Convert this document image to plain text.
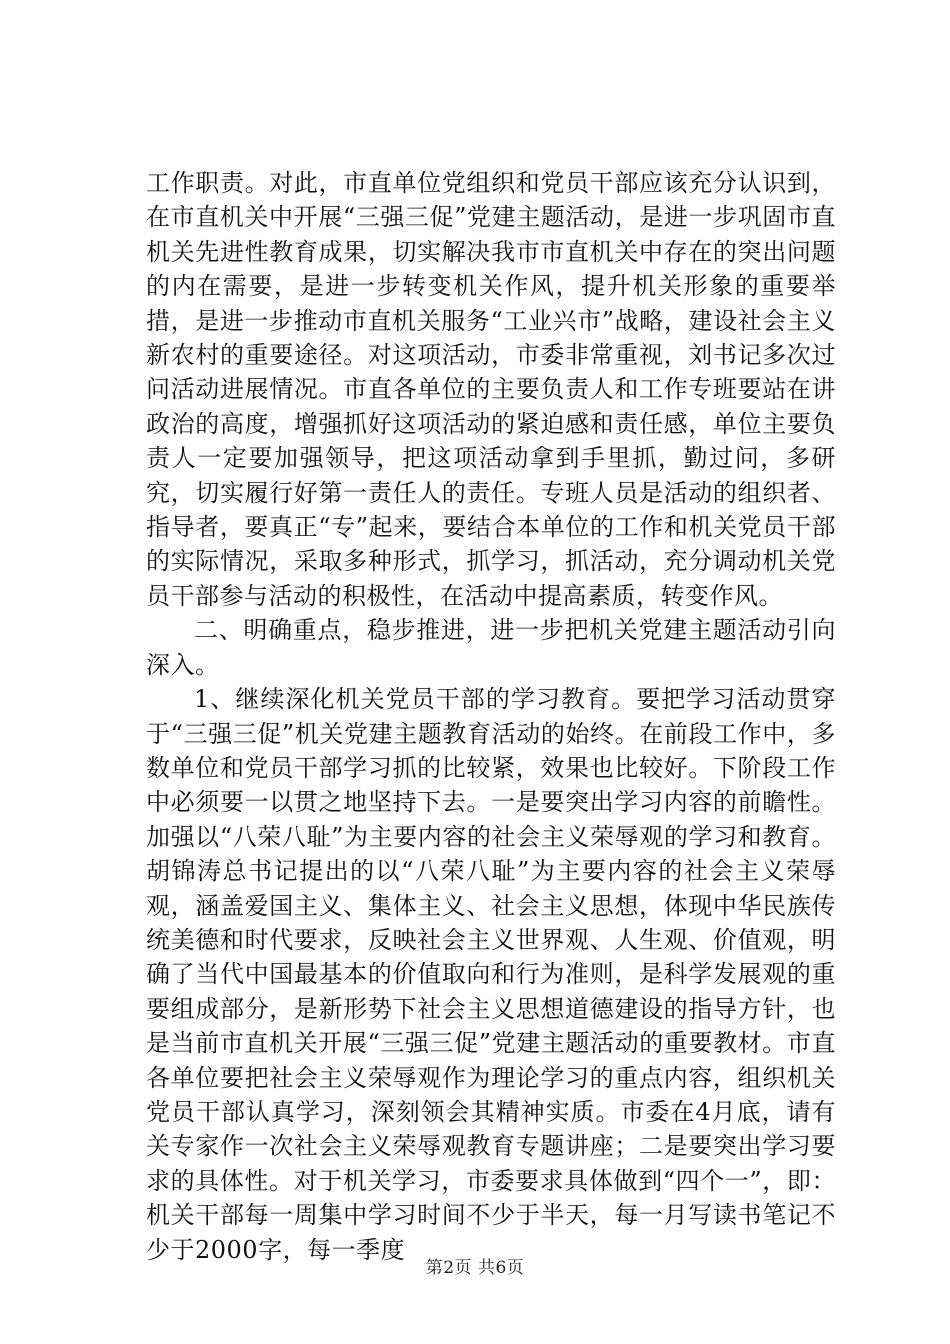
工作职责。对此，市直单位党组织和党员干部应该充分认识到，在市直机关中开展“三强三促”党建主题活动，是进一步巩固市直机关先进性教育成果，切实解决我市市直机关中存在的突出问题的内在需要，是进一步转变机关作风，提升机关形象的重要举措，是进一步推动市直机关服务“工业兴市”战略，建设社会主义新农村的重要途径。对这项活动，市委非常重视，刘书记多次过问活动进展情况。市直各单位的主要负责人和工作专班要站在讲政治的高度，增强抓好这项活动的紧迫感和责任感，单位主要负责人一定要加强领导，把这项活动拿到手里抓，勤过问，多研究，切实履行好第一责任人的责任。专班人员是活动的组织者、指导者，要真正“专”起来，要结合本单位的工作和机关党员干部的实际情况，采取多种形式，抓学习，抓活动，充分调动机关党员干部参与活动的积极性，在活动中提高素质，转变作风。

二、明确重点，稳步推进，进一步把机关党建主题活动引向深入。

1、继续深化机关党员干部的学习教育。要把学习活动贯穿于“三强三促”机关党建主题教育活动的始终。在前段工作中，多数单位和党员干部学习抓的比较紧，效果也比较好。下阶段工作中必须要一以贯之地坚持下去。一是要突出学习内容的前瞻性。加强以“八荣八耻”为主要内容的社会主义荣辱观的学习和教育。胡锦涛总书记提出的以“八荣八耻”为主要内容的社会主义荣辱观，涵盖爱国主义、集体主义、社会主义思想，体现中华民族传统美德和时代要求，反映社会主义世界观、人生观、价值观，明确了当代中国最基本的价值取向和行为准则，是科学发展观的重要组成部分，是新形势下社会主义思想道德建设的指导方针，也是当前市直机关开展“三强三促”党建主题活动的重要教材。市直各单位要把社会主义荣辱观作为理论学习的重点内容，组织机关党员干部认真学习，深刻领会其精神实质。市委在4月底，请有关专家作一次社会主义荣辱观教育专题讲座；二是要突出学习要求的具体性。对于机关学习，市委要求具体做到“四个一”，即：机关干部每一周集中学习时间不少于半天，每一月写读书笔记不少于2000字，每一季度

第2页 共6页
